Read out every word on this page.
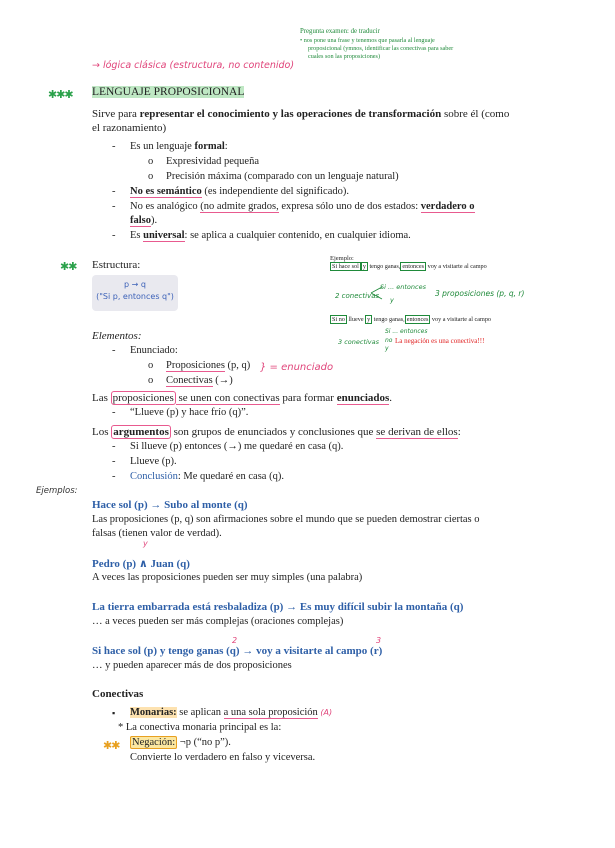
Pregunta examen: de traducir
• nos pone una frase y tenemos que pasarla al lenguaje
proposicional (ymnos, identificar las conectivas para saber
cuales son las proposiciones)
→ lógica clásica (estructura, no contenido)
✱✱✱ LENGUAJE PROPOSICIONAL
Sirve para representar el conocimiento y las operaciones de transformación sobre él (como
el razonamiento)
- Es un lenguaje formal:
o Expresividad pequeña
o Precisión máxima (comparado con un lenguaje natural)
- No es semántico (es independiente del significado).
- No es analógico (no admite grados, expresa sólo uno de dos estados: verdadero o
falso).
- Es universal: se aplica a cualquier contenido, en cualquier idioma.
✱✱ Estructura:
p → q
("Si p, entonces q")
Ejemplo:
Si hace sol y tengo ganas, entonces voy a visitarte al campo
2 conectivas
Si ... entonces
y
3 proposiciones (p, q, r)
Si no llueve y tengo ganas, entonces voy a visitarte al campo
3 conectivas
Si ... entonces
no
y
La negación es una conectiva!!!
Elementos:
- Enunciado:
o Proposiciones (p, q)
o Conectivas (→)
} = enunciado
Las proposiciones se unen con conectivas para formar enunciados.
- “Llueve (p) y hace frío (q)”.
Los argumentos son grupos de enunciados y conclusiones que se derivan de ellos:
- Si llueve (p) entonces (→) me quedaré en casa (q).
- Llueve (p).
- Conclusión: Me quedaré en casa (q).
Ejemplos:
Hace sol (p) → Subo al monte (q)
Las proposiciones (p, q) son afirmaciones sobre el mundo que se pueden demostrar ciertas o
falsas (tienen valor de verdad).
y
Pedro (p) ∧ Juan (q)
A veces las proposiciones pueden ser muy simples (una palabra)
La tierra embarrada está resbaladiza (p) → Es muy difícil subir la montaña (q)
… a veces pueden ser más complejas (oraciones complejas)
2	3
Si hace sol (p) y tengo ganas (q) → voy a visitarte al campo (r)
… y pueden aparecer más de dos proposiciones
Conectivas
▪ Monarias: se aplican a una sola proposición (A)
* La conectiva monaria principal es la:
✱✱ Negación: ¬p (“no p”).
Convierte lo verdadero en falso y viceversa.
